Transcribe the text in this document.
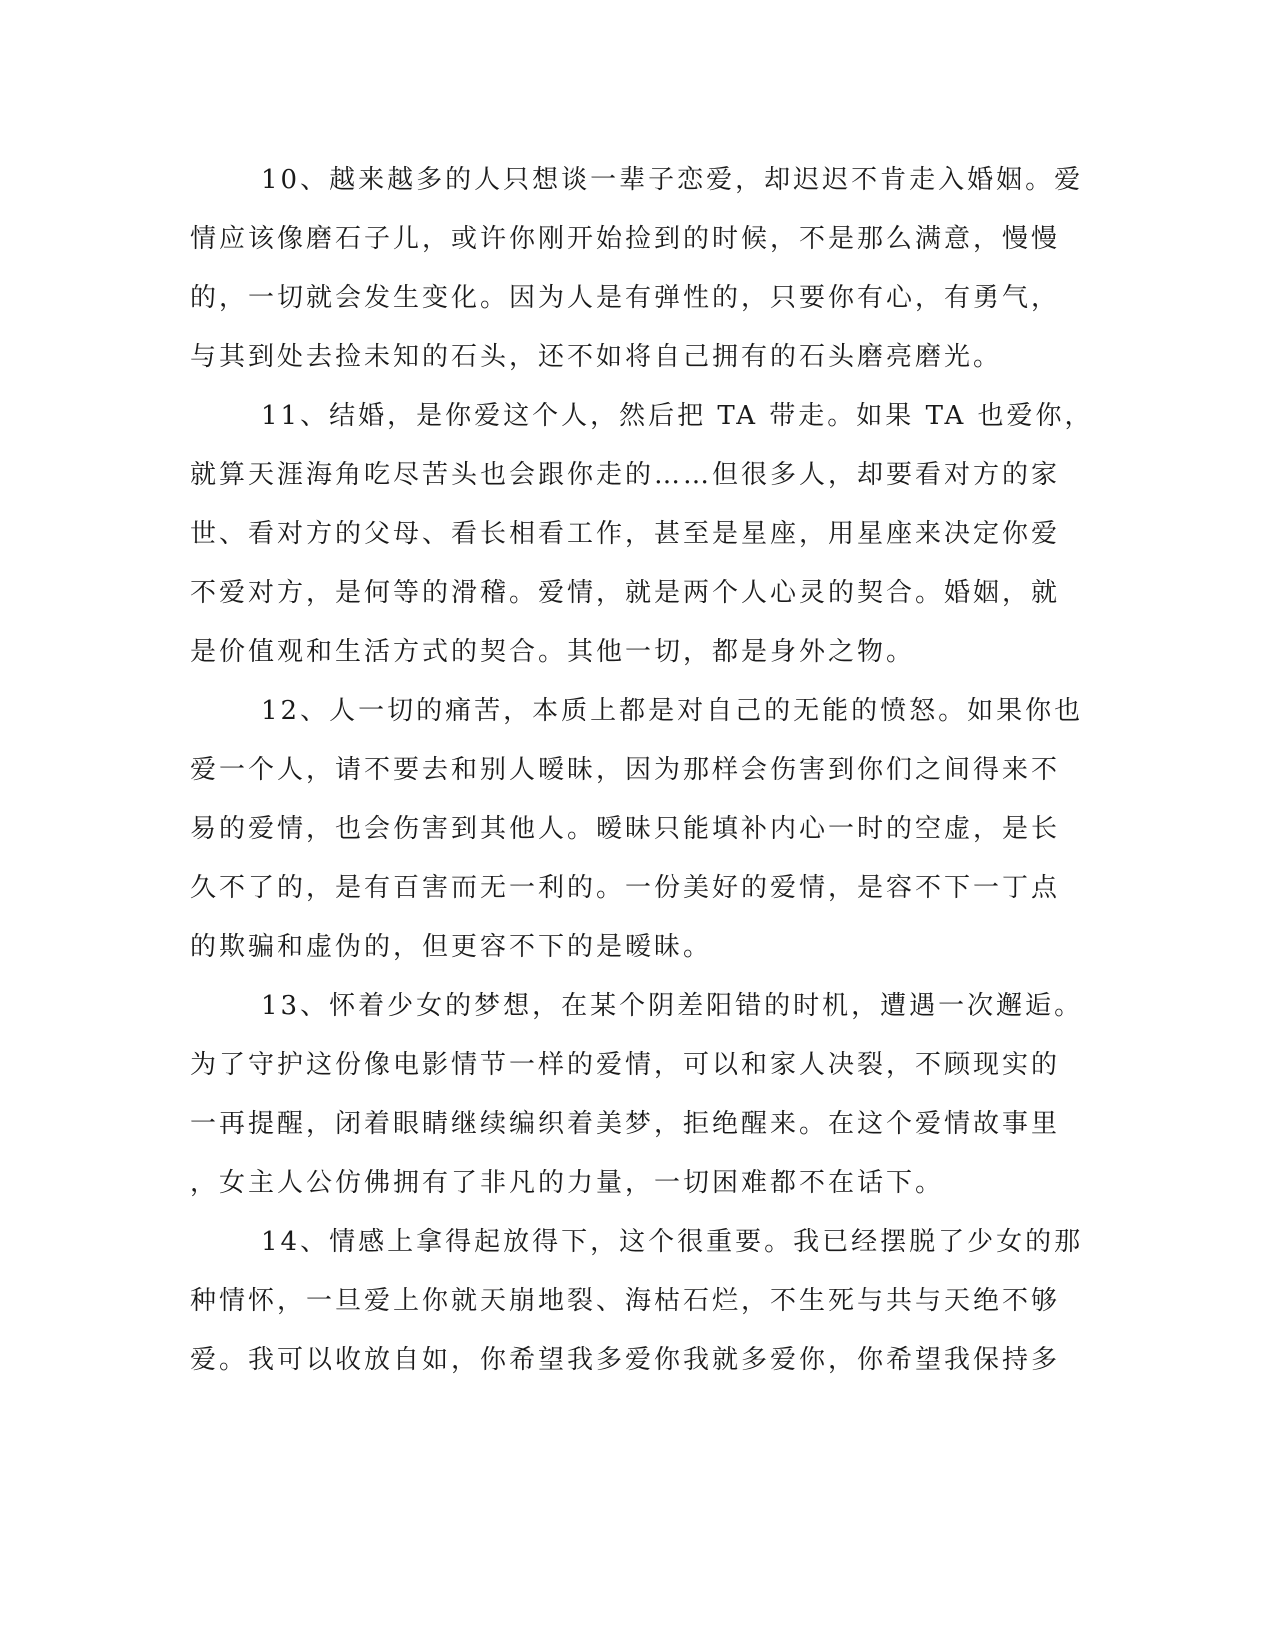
10、越来越多的人只想谈一辈子恋爱，却迟迟不肯走入婚姻。爱
情应该像磨石子儿，或许你刚开始捡到的时候，不是那么满意，慢慢
的，一切就会发生变化。因为人是有弹性的，只要你有心，有勇气，
与其到处去捡未知的石头，还不如将自己拥有的石头磨亮磨光。
11、结婚，是你爱这个人，然后把 TA 带走。如果 TA 也爱你，
就算天涯海角吃尽苦头也会跟你走的……但很多人，却要看对方的家
世、看对方的父母、看长相看工作，甚至是星座，用星座来决定你爱
不爱对方，是何等的滑稽。爱情，就是两个人心灵的契合。婚姻，就
是价值观和生活方式的契合。其他一切，都是身外之物。
12、人一切的痛苦，本质上都是对自己的无能的愤怒。如果你也
爱一个人，请不要去和别人暧昧，因为那样会伤害到你们之间得来不
易的爱情，也会伤害到其他人。暧昧只能填补内心一时的空虚，是长
久不了的，是有百害而无一利的。一份美好的爱情，是容不下一丁点
的欺骗和虚伪的，但更容不下的是暧昧。
13、怀着少女的梦想，在某个阴差阳错的时机，遭遇一次邂逅。
为了守护这份像电影情节一样的爱情，可以和家人决裂，不顾现实的
一再提醒，闭着眼睛继续编织着美梦，拒绝醒来。在这个爱情故事里
，女主人公仿佛拥有了非凡的力量，一切困难都不在话下。
14、情感上拿得起放得下，这个很重要。我已经摆脱了少女的那
种情怀，一旦爱上你就天崩地裂、海枯石烂，不生死与共与天绝不够
爱。我可以收放自如，你希望我多爱你我就多爱你，你希望我保持多
